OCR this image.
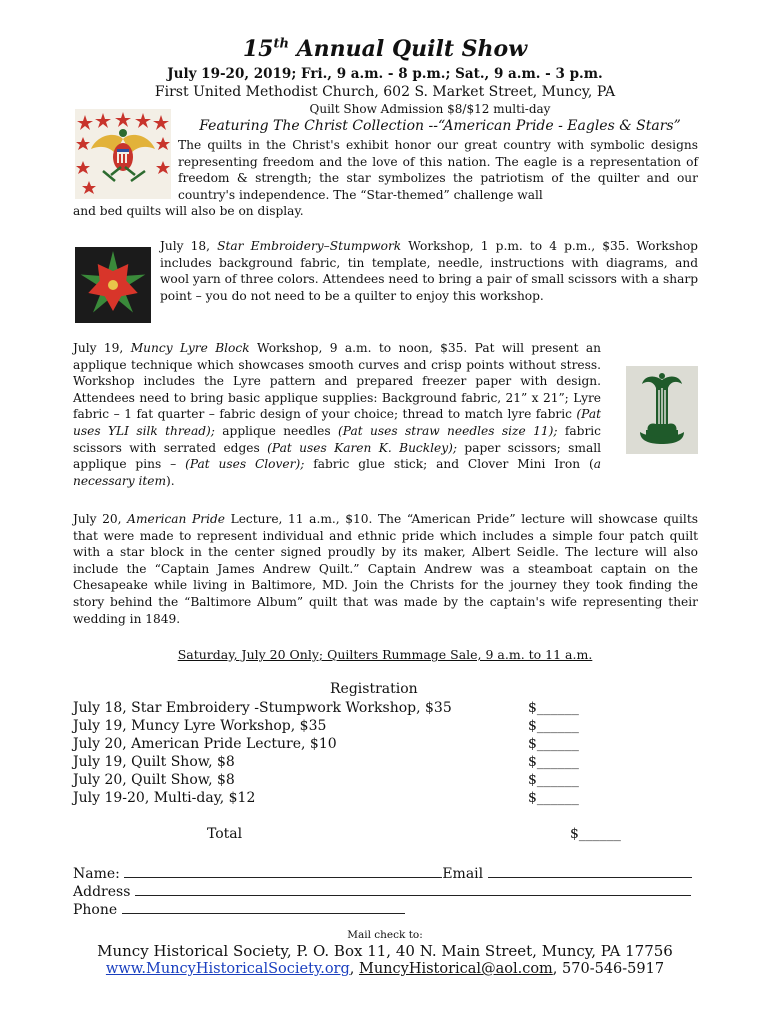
15th Annual Quilt Show
July 19-20, 2019; Fri., 9 a.m. - 8 p.m.; Sat., 9 a.m. - 3 p.m.
First United Methodist Church, 602 S. Market Street, Muncy, PA
Quilt Show Admission $8/$12 multi-day
Featuring The Christ Collection --“American Pride - Eagles & Stars”
The quilts in the Christ's exhibit honor our great country with symbolic designs representing freedom and the love of this nation. The eagle is a representation of freedom & strength; the star symbolizes the patriotism of the quilter and our country's independence. The “Star-themed” challenge wall
and bed quilts will also be on display.
July 18, Star Embroidery–Stumpwork Workshop, 1 p.m. to 4 p.m., $35. Workshop includes background fabric, tin template, needle, instructions with diagrams, and wool yarn of three colors. Attendees need to bring a pair of small scissors with a sharp point – you do not need to be a quilter to enjoy this workshop.
July 19, Muncy Lyre Block Workshop, 9 a.m. to noon, $35. Pat will present an applique technique which showcases smooth curves and crisp points without stress. Workshop includes the Lyre pattern and prepared freezer paper with design. Attendees need to bring basic applique supplies: Background fabric, 21” x 21”; Lyre fabric – 1 fat quarter – fabric design of your choice; thread to match lyre fabric (Pat uses YLI silk thread); applique needles (Pat uses straw needles size 11); fabric scissors with serrated edges (Pat uses Karen K. Buckley); paper scissors; small applique pins – (Pat uses Clover); fabric glue stick; and Clover Mini Iron (a necessary item).
July 20, American Pride Lecture, 11 a.m., $10. The “American Pride” lecture will showcase quilts that were made to represent individual and ethnic pride which includes a simple four patch quilt with a star block in the center signed proudly by its maker, Albert Seidle. The lecture will also include the “Captain James Andrew Quilt.” Captain Andrew was a steamboat captain on the Chesapeake while living in Baltimore, MD. Join the Christs for the journey they took finding the story behind the “Baltimore Album” quilt that was made by the captain's wife representing their wedding in 1849.
Saturday, July 20 Only; Quilters Rummage Sale, 9 a.m. to 11 a.m.
Registration
July 18, Star Embroidery -Stumpwork Workshop, $35	$______
July 19, Muncy Lyre Workshop, $35	$______
July 20, American Pride Lecture, $10	$______
July 19, Quilt Show, $8	$______
July 20, Quilt Show, $8	$______
July 19-20, Multi-day, $12	$______
Total	$______
Name:	Email
Address
Phone
Mail check to:
Muncy Historical Society, P. O. Box 11, 40 N. Main Street, Muncy, PA 17756
www.MuncyHistoricalSociety.org, MuncyHistorical@aol.com, 570-546-5917
